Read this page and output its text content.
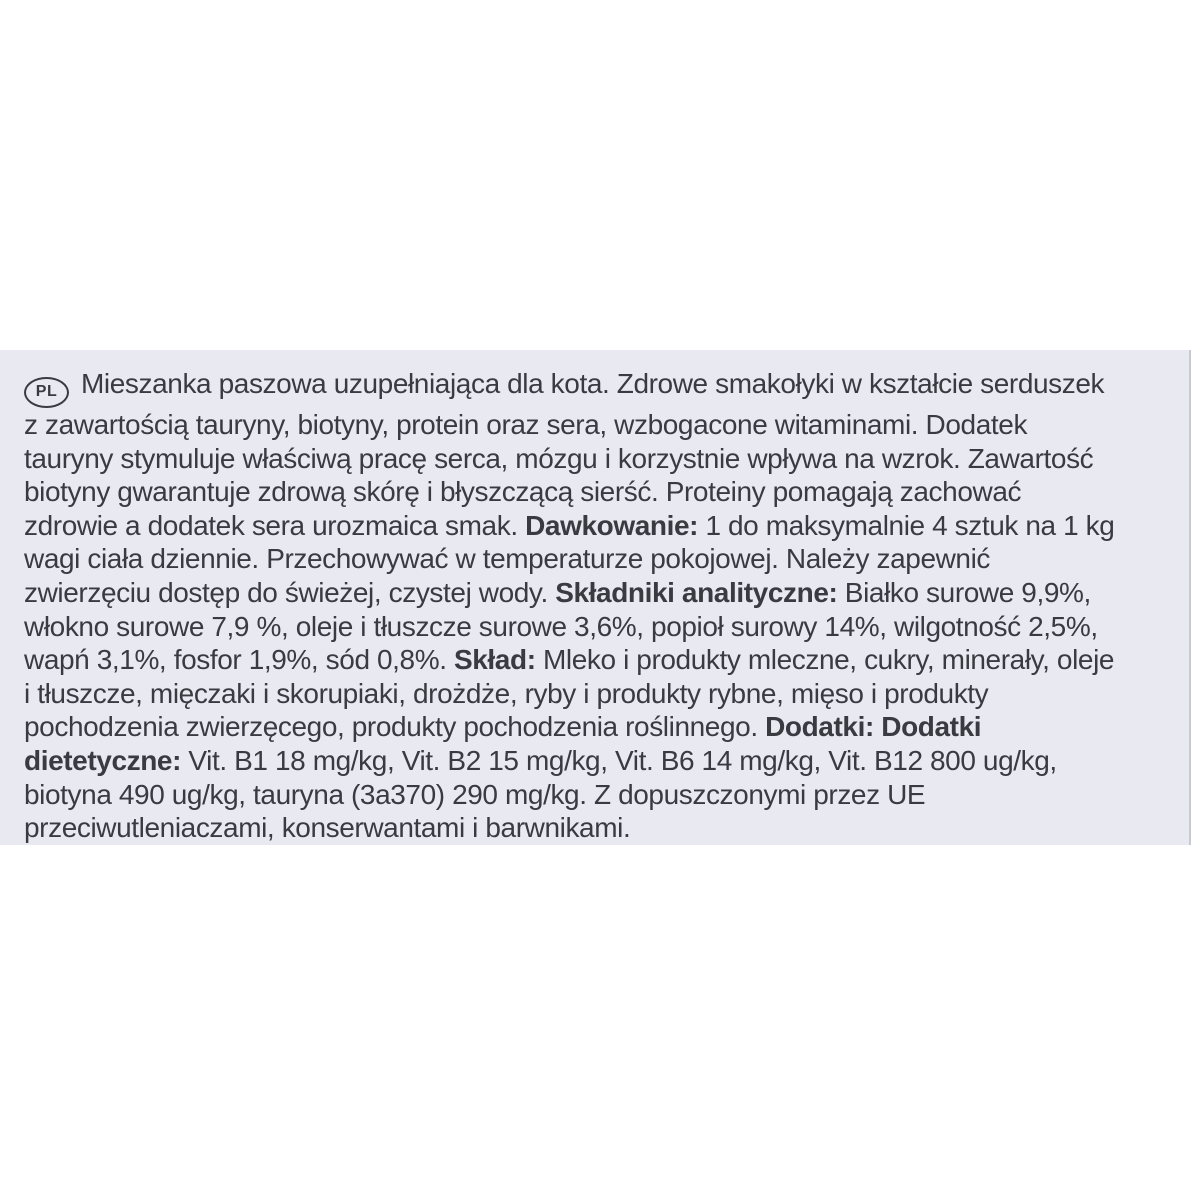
PL Mieszanka paszowa uzupełniająca dla kota. Zdrowe smakołyki w kształcie serduszek
z zawartością tauryny, biotyny, protein oraz sera, wzbogacone witaminami. Dodatek
tauryny stymuluje właściwą pracę serca, mózgu i korzystnie wpływa na wzrok. Zawartość
biotyny gwarantuje zdrową skórę i błyszczącą sierść. Proteiny pomagają zachować
zdrowie a dodatek sera urozmaica smak. Dawkowanie: 1 do maksymalnie 4 sztuk na 1 kg
wagi ciała dziennie. Przechowywać w temperaturze pokojowej. Należy zapewnić
zwierzęciu dostęp do świeżej, czystej wody. Składniki analityczne: Białko surowe 9,9%,
włokno surowe 7,9 %, oleje i tłuszcze surowe 3,6%, popioł surowy 14%, wilgotność 2,5%,
wapń 3,1%, fosfor 1,9%, sód 0,8%. Skład: Mleko i produkty mleczne, cukry, minerały, oleje
i tłuszcze, mięczaki i skorupiaki, drożdże, ryby i produkty rybne, mięso i produkty
pochodzenia zwierzęcego, produkty pochodzenia roślinnego. Dodatki: Dodatki
dietetyczne: Vit. B1 18 mg/kg, Vit. B2 15 mg/kg, Vit. B6 14 mg/kg, Vit. B12 800 ug/kg,
biotyna 490 ug/kg, tauryna (3a370) 290 mg/kg. Z dopuszczonymi przez UE
przeciwutleniaczami, konserwantami i barwnikami.
